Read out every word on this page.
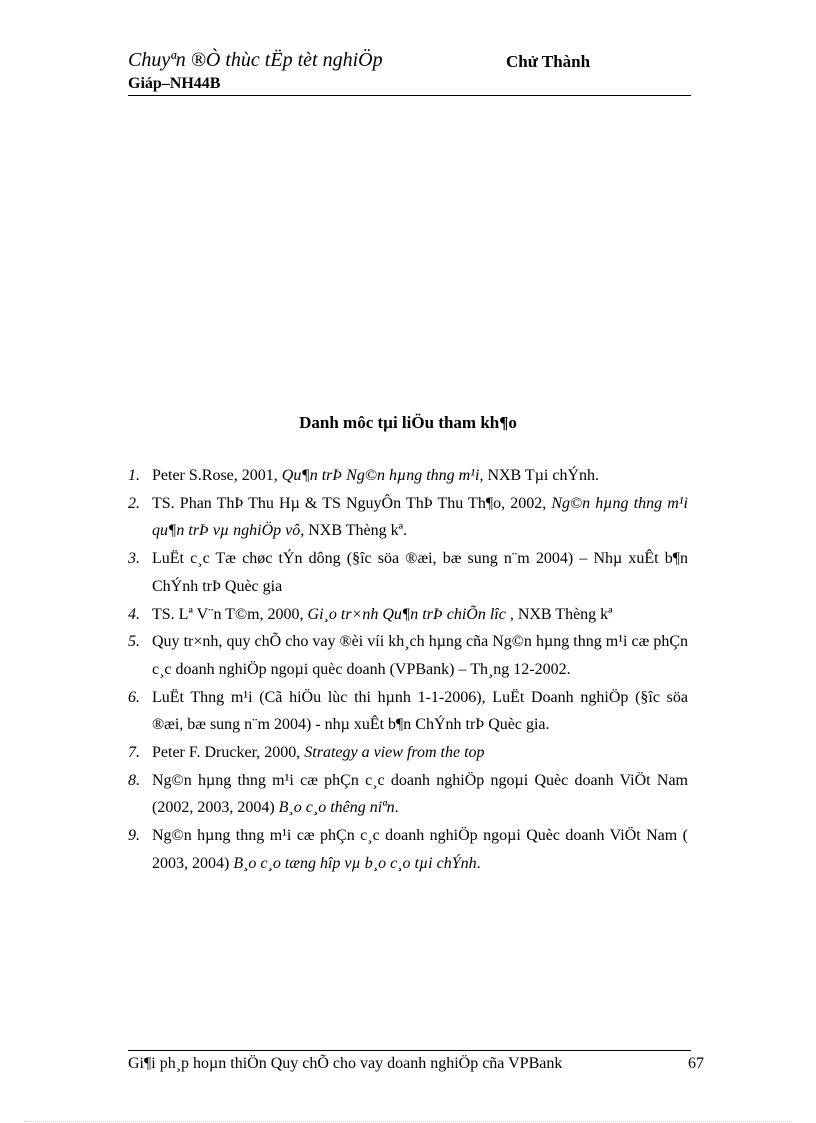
Chuyªn ®Ò thùc tËp tèt nghiÖp	Chử Thành
Giáp–NH44B
Danh môc tµi liÖu tham kh¶o
1. Peter S.Rose, 2001, Qu¶n trÞ Ng©n hµng thng m¹i, NXB Tµi chÝnh.
2. TS. Phan ThÞ Thu Hµ & TS NguyÔn ThÞ Thu Th¶o, 2002, Ng©n hµng thng m¹i qu¶n trÞ vµ nghiÖp vô, NXB Thèng kª.
3. LuËt c¸c Tæ chøc tÝn dông (§îc söa ®æi, bæ sung n¨m 2004) – Nhµ xuÊt b¶n ChÝnh trÞ Quèc gia
4. TS. Lª V¨n T©m, 2000, Gi¸o tr×nh Qu¶n trÞ chiÕn lîc , NXB Thèng kª
5. Quy tr×nh, quy chÕ cho vay ®èi víi kh¸ch hµng cña Ng©n hµng thng m¹i cæ phÇn c¸c doanh nghiÖp ngoµi quèc doanh (VPBank) – Th¸ng 12-2002.
6. LuËt Thng m¹i (Cã hiÖu lùc thi hµnh 1-1-2006), LuËt Doanh nghiÖp (§îc söa ®æi, bæ sung n¨m 2004) - nhµ xuÊt b¶n ChÝnh trÞ Quèc gia.
7. Peter F. Drucker, 2000, Strategy a view from the top
8. Ng©n hµng thng m¹i cæ phÇn c¸c doanh nghiÖp ngoµi Quèc doanh ViÖt Nam (2002, 2003, 2004) B¸o c¸o thêng niªn.
9. Ng©n hµng thng m¹i cæ phÇn c¸c doanh nghiÖp ngoµi Quèc doanh ViÖt Nam ( 2003, 2004) B¸o c¸o tæng hîp vµ b¸o c¸o tµi chÝnh.
Gi¶i ph¸p hoµn thiÖn Quy chÕ cho vay doanh nghiÖp cña VPBank	67
